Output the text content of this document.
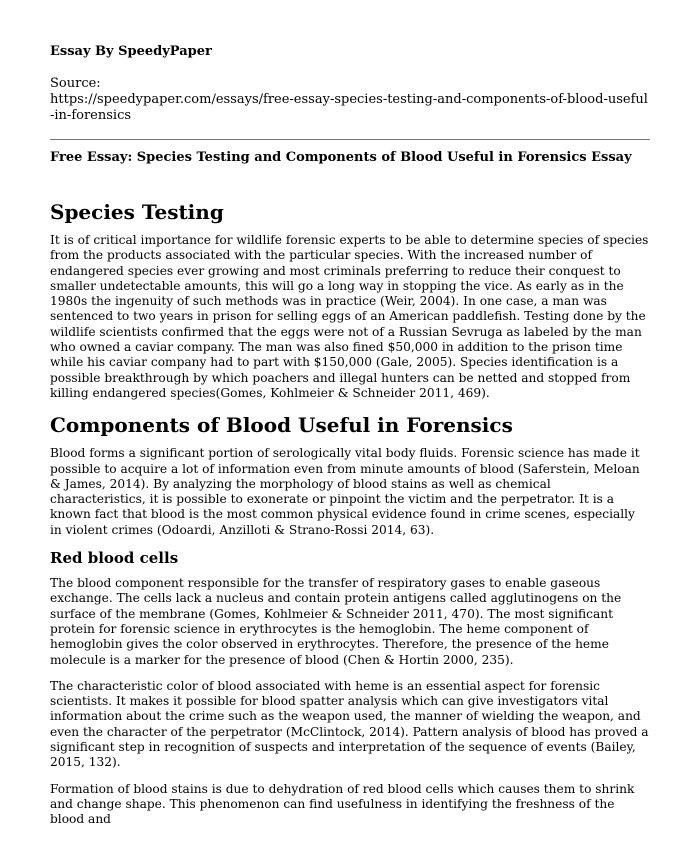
Essay By SpeedyPaper
Source:
https://speedypaper.com/essays/free-essay-species-testing-and-components-of-blood-useful-in-forensics
Free Essay: Species Testing and Components of Blood Useful in Forensics Essay
Species Testing

It is of critical importance for wildlife forensic experts to be able to determine species of species from the products associated with the particular species. With the increased number of endangered species ever growing and most criminals preferring to reduce their conquest to smaller undetectable amounts, this will go a long way in stopping the vice. As early as in the 1980s the ingenuity of such methods was in practice (Weir, 2004). In one case, a man was sentenced to two years in prison for selling eggs of an American paddlefish. Testing done by the wildlife scientists confirmed that the eggs were not of a Russian Sevruga as labeled by the man who owned a caviar company. The man was also fined $50,000 in addition to the prison time while his caviar company had to part with $150,000 (Gale, 2005). Species identification is a possible breakthrough by which poachers and illegal hunters can be netted and stopped from killing endangered species(Gomes, Kohlmeier & Schneider 2011, 469).

Components of Blood Useful in Forensics

Blood forms a significant portion of serologically vital body fluids. Forensic science has made it possible to acquire a lot of information even from minute amounts of blood (Saferstein, Meloan & James, 2014). By analyzing the morphology of blood stains as well as chemical characteristics, it is possible to exonerate or pinpoint the victim and the perpetrator. It is a known fact that blood is the most common physical evidence found in crime scenes, especially in violent crimes (Odoardi, Anzilloti & Strano-Rossi 2014, 63).

Red blood cells

The blood component responsible for the transfer of respiratory gases to enable gaseous exchange. The cells lack a nucleus and contain protein antigens called agglutinogens on the surface of the membrane (Gomes, Kohlmeier & Schneider 2011, 470). The most significant protein for forensic science in erythrocytes is the hemoglobin. The heme component of hemoglobin gives the color observed in erythrocytes. Therefore, the presence of the heme molecule is a marker for the presence of blood (Chen & Hortin 2000, 235).

The characteristic color of blood associated with heme is an essential aspect for forensic scientists. It makes it possible for blood spatter analysis which can give investigators vital information about the crime such as the weapon used, the manner of wielding the weapon, and even the character of the perpetrator (McClintock, 2014). Pattern analysis of blood has proved a significant step in recognition of suspects and interpretation of the sequence of events (Bailey, 2015, 132).

Formation of blood stains is due to dehydration of red blood cells which causes them to shrink and change shape. This phenomenon can find usefulness in identifying the freshness of the blood and
